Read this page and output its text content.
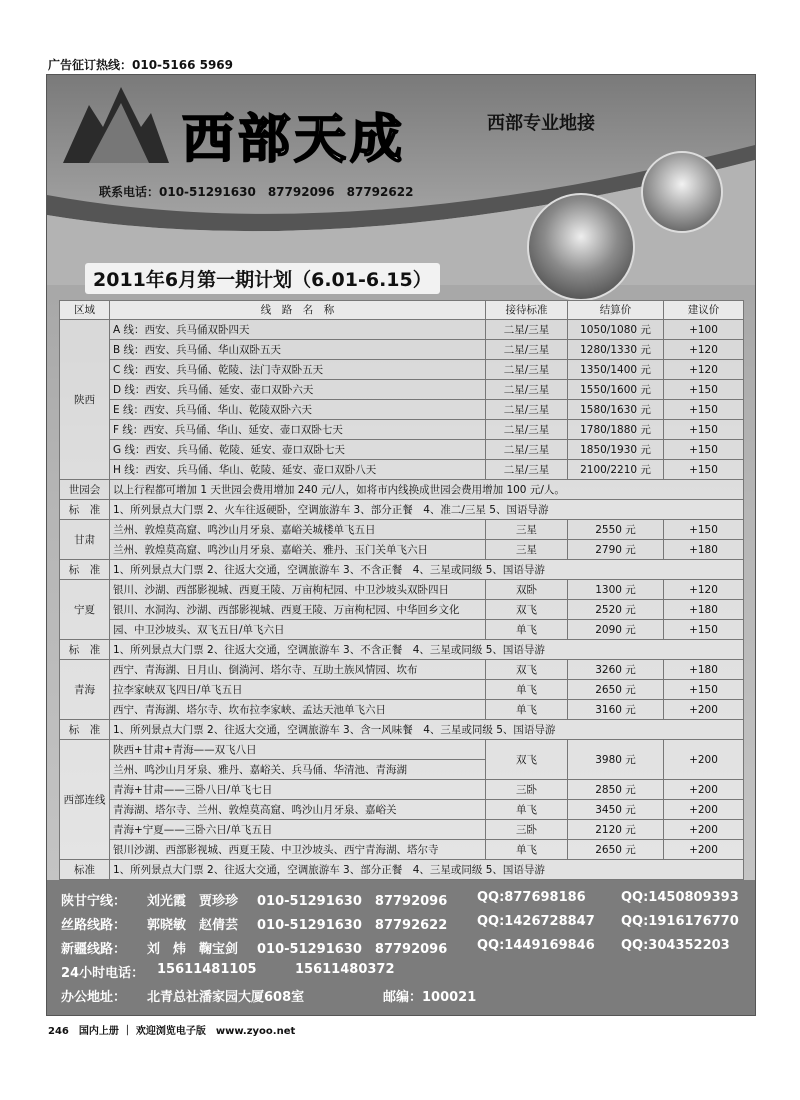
广告征订热线：010-5166 5969
西部天成	西部专业地接
联系电话：010-51291630　87792096　87792622
2011年6月第一期计划（6.01-6.15）
区域	线　路　名　称	接待标准	结算价	建议价
陕西	A 线：西安、兵马俑双卧四天	二星/三星	1050/1080 元	+100
	B 线：西安、兵马俑、华山双卧五天	二星/三星	1280/1330 元	+120
	C 线：西安、兵马俑、乾陵、法门寺双卧五天	二星/三星	1350/1400 元	+120
	D 线：西安、兵马俑、延安、壶口双卧六天	二星/三星	1550/1600 元	+150
	E 线：西安、兵马俑、华山、乾陵双卧六天	二星/三星	1580/1630 元	+150
	F 线：西安、兵马俑、华山、延安、壶口双卧七天	二星/三星	1780/1880 元	+150
	G 线：西安、兵马俑、乾陵、延安、壶口双卧七天	二星/三星	1850/1930 元	+150
	H 线：西安、兵马俑、华山、乾陵、延安、壶口双卧八天	二星/三星	2100/2210 元	+150
世园会	以上行程都可增加 1 天世园会费用增加 240 元/人，如将市内线换成世园会费用增加 100 元/人。			
标　准	1、所列景点大门票 2、火车往返硬卧，空调旅游车 3、部分正餐　4、准二/三星 5、国语导游			
甘肃	兰州、敦煌莫高窟、鸣沙山月牙泉、嘉峪关城楼单飞五日	三星	2550 元	+150
	兰州、敦煌莫高窟、鸣沙山月牙泉、嘉峪关、雅丹、玉门关单飞六日	三星	2790 元	+180
标　准	1、所列景点大门票 2、往返大交通，空调旅游车 3、不含正餐　4、三星或同级 5、国语导游			
宁夏	银川、沙湖、西部影视城、西夏王陵、万亩枸杞园、中卫沙坡头双卧四日	双卧	1300 元	+120
	银川、水洞沟、沙湖、西部影视城、西夏王陵、万亩枸杞园、中华回乡文化	双飞	2520 元	+180
	园、中卫沙坡头、双飞五日/单飞六日	单飞	2090 元	+150
标　准	1、所列景点大门票 2、往返大交通，空调旅游车 3、不含正餐　4、三星或同级 5、国语导游			
青海	西宁、青海湖、日月山、倒淌河、塔尔寺、互助土族风情园、坎布	双飞	3260 元	+180
	拉李家峡双飞四日/单飞五日	单飞	2650 元	+150
	西宁、青海湖、塔尔寺、坎布拉李家峡、孟达天池单飞六日	单飞	3160 元	+200
标　准	1、所列景点大门票 2、往返大交通，空调旅游车 3、含一风味餐　4、三星或同级 5、国语导游			
西部连线	陕西+甘肃+青海——双飞八日	双飞	3980 元	+200
	兰州、鸣沙山月牙泉、雅丹、嘉峪关、兵马俑、华清池、青海湖			
	青海+甘肃——三卧八日/单飞七日	三卧	2850 元	+200
	青海湖、塔尔寺、兰州、敦煌莫高窟、鸣沙山月牙泉、嘉峪关	单飞	3450 元	+200
	青海+宁夏——三卧六日/单飞五日	三卧	2120 元	+200
	银川沙湖、西部影视城、西夏王陵、中卫沙坡头、西宁青海湖、塔尔寺	单飞	2650 元	+200
标准	1、所列景点大门票 2、往返大交通，空调旅游车 3、部分正餐　4、三星或同级 5、国语导游			
陕甘宁线： 刘光霞　贾珍珍 010-51291630　87792096 QQ:877698186	QQ:1450809393
丝路线路： 郭晓敏　赵倩芸 010-51291630　87792622 QQ:1426728847 QQ:1916176770
新疆线路： 刘　炜　鞠宝剑 010-51291630　87792096 QQ:1449169846 QQ:304352203
24小时电话： 15611481105	15611480372
办公地址： 北青总社潘家园大厦608室	邮编：100021
246　国内上册 ｜ 欢迎浏览电子版　www.zyoo.net
